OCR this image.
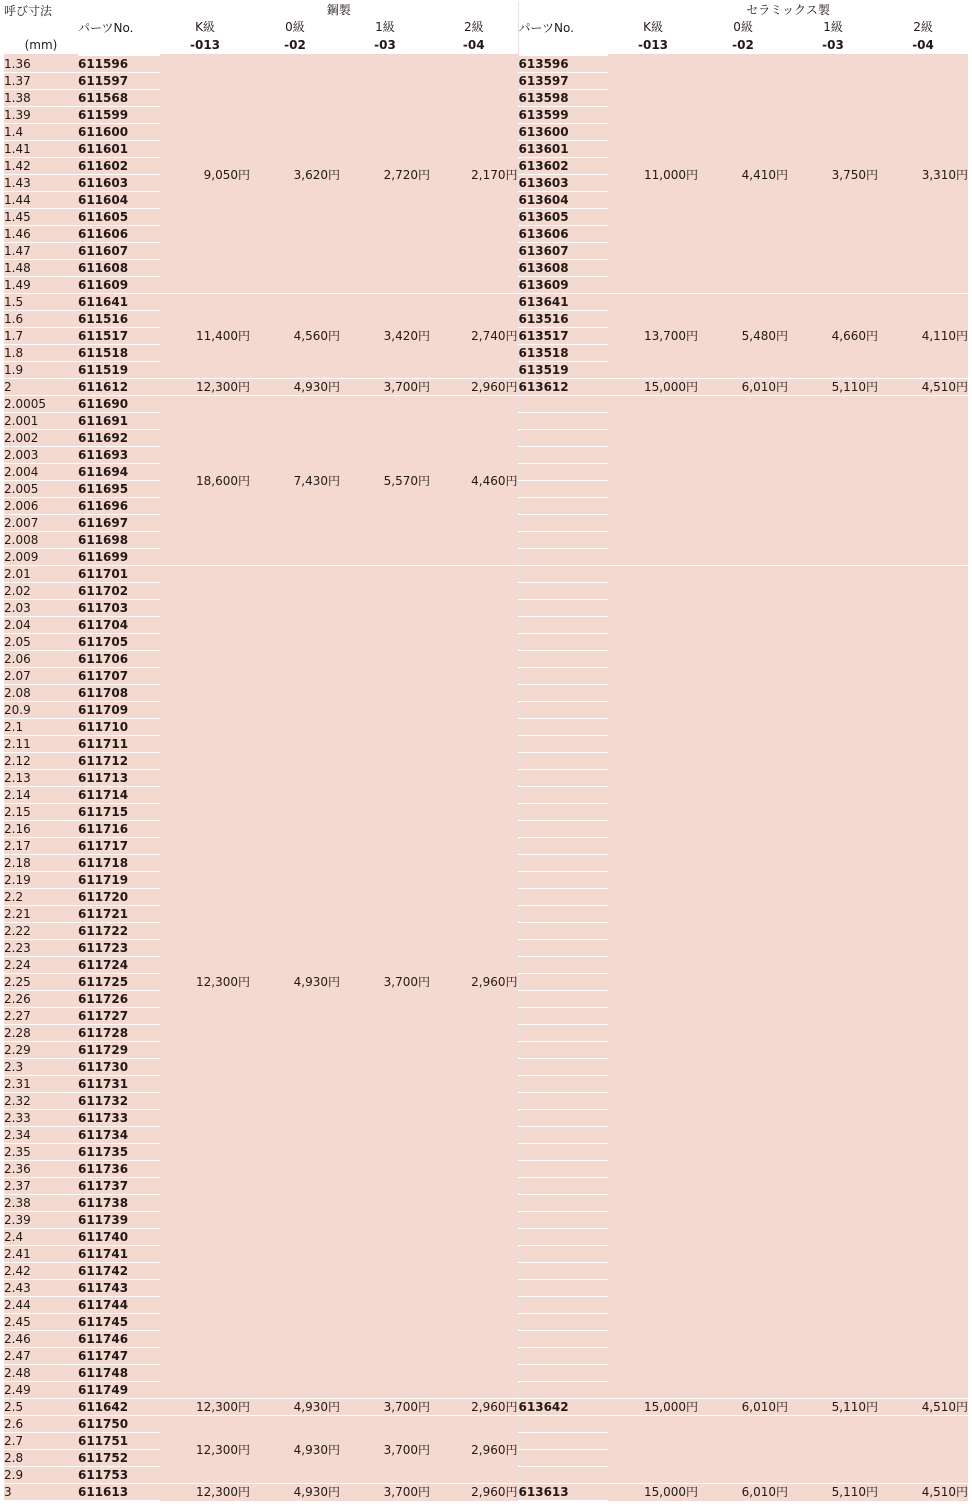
呼び寸法	パーツNo.	鋼製				パーツNo.	セラミックス製			
		K級	0級	1級	2級		K級	0級	1級	2級
(mm)		-013	-02	-03	-04		-013	-02	-03	-04
1.36	611596	9,050円	3,620円	2,720円	2,170円	613596	11,000円	4,410円	3,750円	3,310円
1.37	611597					613597				
1.38	611568					613598				
1.39	611599					613599				
1.4	611600					613600				
1.41	611601					613601				
1.42	611602					613602				
1.43	611603					613603				
1.44	611604					613604				
1.45	611605					613605				
1.46	611606					613606				
1.47	611607					613607				
1.48	611608					613608				
1.49	611609					613609				
1.5	611641	11,400円	4,560円	3,420円	2,740円	613641	13,700円	5,480円	4,660円	4,110円
1.6	611516					613516				
1.7	611517					613517				
1.8	611518					613518				
1.9	611519					613519				
2	611612	12,300円	4,930円	3,700円	2,960円	613612	15,000円	6,010円	5,110円	4,510円
2.0005	611690	18,600円	7,430円	5,570円	4,460円					
2.001	611691									
2.002	611692									
2.003	611693									
2.004	611694									
2.005	611695									
2.006	611696									
2.007	611697									
2.008	611698									
2.009	611699									
2.01	611701	12,300円	4,930円	3,700円	2,960円					
2.02	611702									
2.03	611703									
2.04	611704									
2.05	611705									
2.06	611706									
2.07	611707									
2.08	611708									
20.9	611709									
2.1	611710									
2.11	611711									
2.12	611712									
2.13	611713									
2.14	611714									
2.15	611715									
2.16	611716									
2.17	611717									
2.18	611718									
2.19	611719									
2.2	611720									
2.21	611721									
2.22	611722									
2.23	611723									
2.24	611724									
2.25	611725									
2.26	611726									
2.27	611727									
2.28	611728									
2.29	611729									
2.3	611730									
2.31	611731									
2.32	611732									
2.33	611733									
2.34	611734									
2.35	611735									
2.36	611736									
2.37	611737									
2.38	611738									
2.39	611739									
2.4	611740									
2.41	611741									
2.42	611742									
2.43	611743									
2.44	611744									
2.45	611745									
2.46	611746									
2.47	611747									
2.48	611748									
2.49	611749									
2.5	611642	12,300円	4,930円	3,700円	2,960円	613642	15,000円	6,010円	5,110円	4,510円
2.6	611750	12,300円	4,930円	3,700円	2,960円					
2.7	611751									
2.8	611752									
2.9	611753									
3	611613	12,300円	4,930円	3,700円	2,960円	613613	15,000円	6,010円	5,110円	4,510円
